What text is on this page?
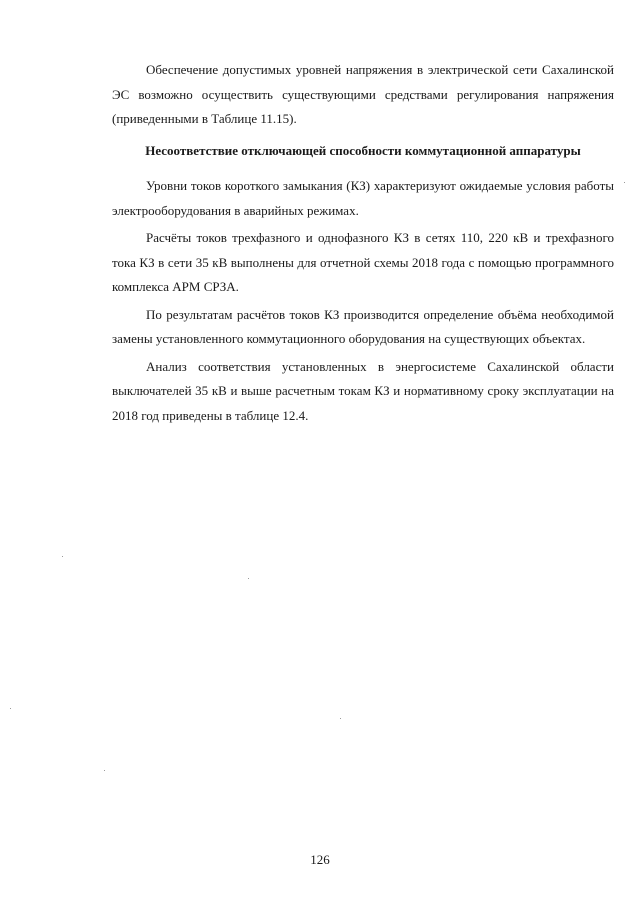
Обеспечение допустимых уровней напряжения в электрической сети Сахалинской ЭС возможно осуществить существующими средствами регулирования напряжения (приведенными в Таблице 11.15).

Несоответствие отключающей способности коммутационной аппаратуры

Уровни токов короткого замыкания (КЗ) характеризуют ожидаемые условия работы электрооборудования в аварийных режимах.

Расчёты токов трехфазного и однофазного КЗ в сетях 110, 220 кВ и трехфазного тока КЗ в сети 35 кВ выполнены для отчетной схемы 2018 года с помощью программного комплекса АРМ СРЗА.

По результатам расчётов токов КЗ производится определение объёма необходимой замены установленного коммутационного оборудования на существующих объектах.

Анализ соответствия установленных в энергосистеме Сахалинской области выключателей 35 кВ и выше расчетным токам КЗ и нормативному сроку эксплуатации на 2018 год приведены в таблице 12.4.

126
